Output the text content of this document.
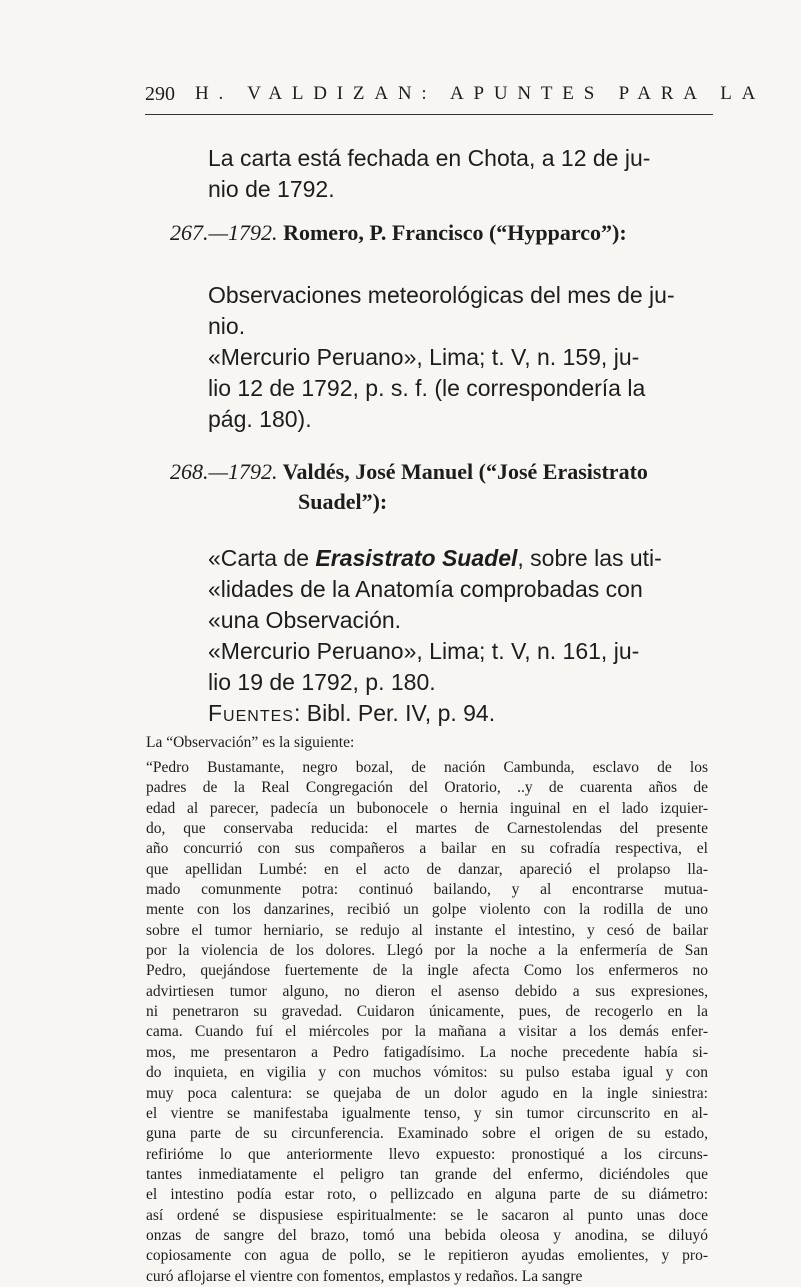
290 H. VALDIZAN: APUNTES PARA LA
La carta está fechada en Chota, a 12 de ju-
nio de 1792.
267.—1792. Romero, P. Francisco (“Hypparco”):
Observaciones meteorológicas del mes de ju-
nio.
«Mercurio Peruano», Lima; t. V, n. 159, ju-
lio 12 de 1792, p. s. f. (le correspondería la
pág. 180).
268.—1792. Valdés, José Manuel (“José Erasistrato
Suadel”):
«Carta de Erasistrato Suadel, sobre las uti-
«lidades de la Anatomía comprobadas con
«una Observación.
«Mercurio Peruano», Lima; t. V, n. 161, ju-
lio 19 de 1792, p. 180.
Fuentes: Bibl. Per. IV, p. 94.
La “Observación” es la siguiente:
“Pedro Bustamante, negro bozal, de nación Cambunda, esclavo de los
padres de la Real Congregación del Oratorio, ..y de cuarenta años de
edad al parecer, padecía un bubonocele o hernia inguinal en el lado izquier-
do, que conservaba reducida: el martes de Carnestolendas del presente
año concurrió con sus compañeros a bailar en su cofradía respectiva, el
que apellidan Lumbé: en el acto de danzar, apareció el prolapso lla-
mado comunmente potra: continuó bailando, y al encontrarse mutua-
mente con los danzarines, recibió un golpe violento con la rodilla de uno
sobre el tumor herniario, se redujo al instante el intestino, y cesó de bailar
por la violencia de los dolores. Llegó por la noche a la enfermería de San
Pedro, quejándose fuertemente de la ingle afecta Como los enfermeros no
advirtiesen tumor alguno, no dieron el asenso debido a sus expresiones,
ni penetraron su gravedad. Cuidaron únicamente, pues, de recogerlo en la
cama. Cuando fuí el miércoles por la mañana a visitar a los demás enfer-
mos, me presentaron a Pedro fatigadísimo. La noche precedente había si-
do inquieta, en vigilia y con muchos vómitos: su pulso estaba igual y con
muy poca calentura: se quejaba de un dolor agudo en la ingle siniestra:
el vientre se manifestaba igualmente tenso, y sin tumor circunscrito en al-
guna parte de su circunferencia. Examinado sobre el origen de su estado,
refirióme lo que anteriormente llevo expuesto: pronostiqué a los circuns-
tantes inmediatamente el peligro tan grande del enfermo, diciéndoles que
el intestino podía estar roto, o pellizcado en alguna parte de su diámetro:
así ordené se dispusiese espiritualmente: se le sacaron al punto unas doce
onzas de sangre del brazo, tomó una bebida oleosa y anodina, se diluyó
copiosamente con agua de pollo, se le repitieron ayudas emolientes, y pro-
curó aflojarse el vientre con fomentos, emplastos y redaños. La sangre
